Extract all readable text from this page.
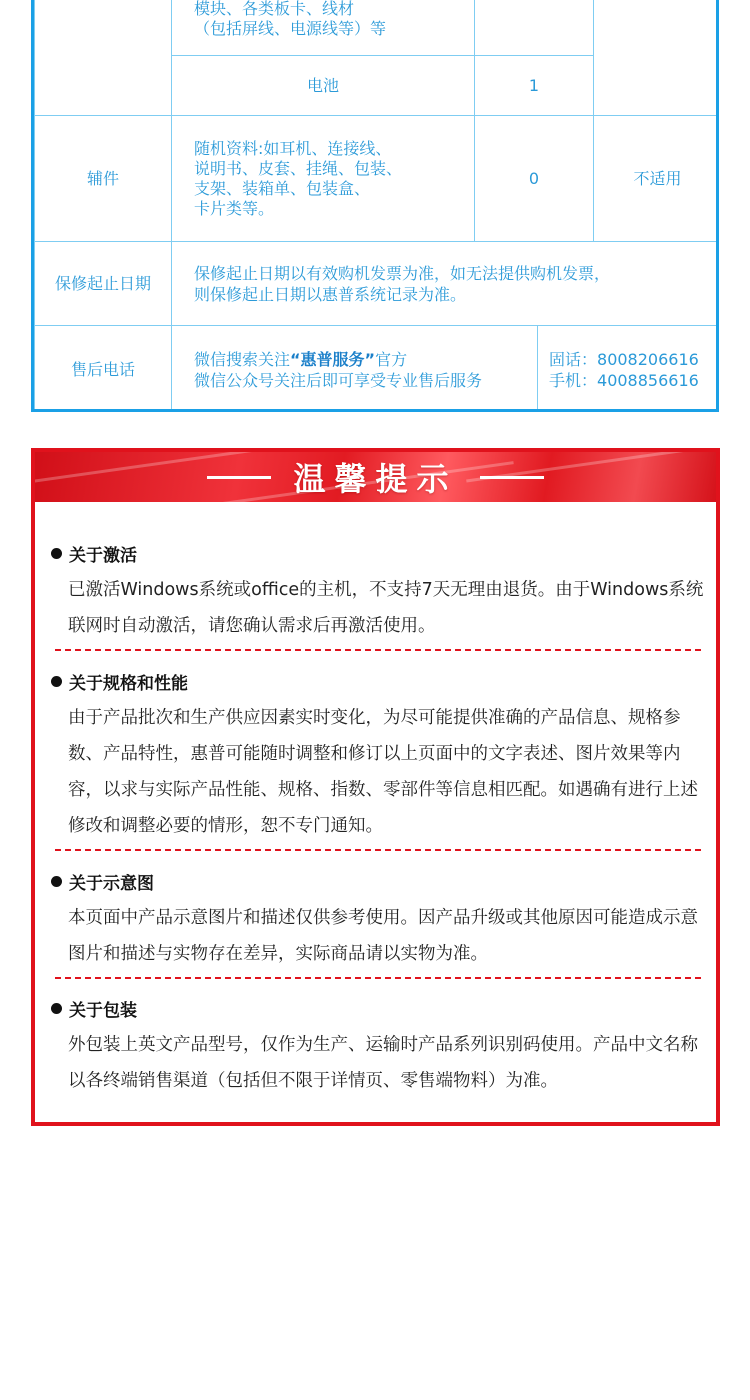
模块、各类板卡、线材
（包括屏线、电源线等）等
电池	1
辅件
随机资料:如耳机、连接线、
说明书、皮套、挂绳、包装、
支架、装箱单、包装盒、
卡片类等。
0	不适用
保修起止日期
保修起止日期以有效购机发票为准，如无法提供购机发票，
则保修起止日期以惠普系统记录为准。
售后电话
微信搜索关注“惠普服务”官方
微信公众号关注后即可享受专业售后服务
固话：8008206616
手机：4008856616
温馨提示
关于激活
已激活Windows系统或office的主机，不支持7天无理由退货。由于Windows系统联网时自动激活，请您确认需求后再激活使用。
关于规格和性能
由于产品批次和生产供应因素实时变化，为尽可能提供准确的产品信息、规格参数、产品特性，惠普可能随时调整和修订以上页面中的文字表述、图片效果等内容，以求与实际产品性能、规格、指数、零部件等信息相匹配。如遇确有进行上述修改和调整必要的情形，恕不专门通知。
关于示意图
本页面中产品示意图片和描述仅供参考使用。因产品升级或其他原因可能造成示意图片和描述与实物存在差异，实际商品请以实物为准。
关于包装
外包装上英文产品型号，仅作为生产、运输时产品系列识别码使用。产品中文名称以各终端销售渠道（包括但不限于详情页、零售端物料）为准。
